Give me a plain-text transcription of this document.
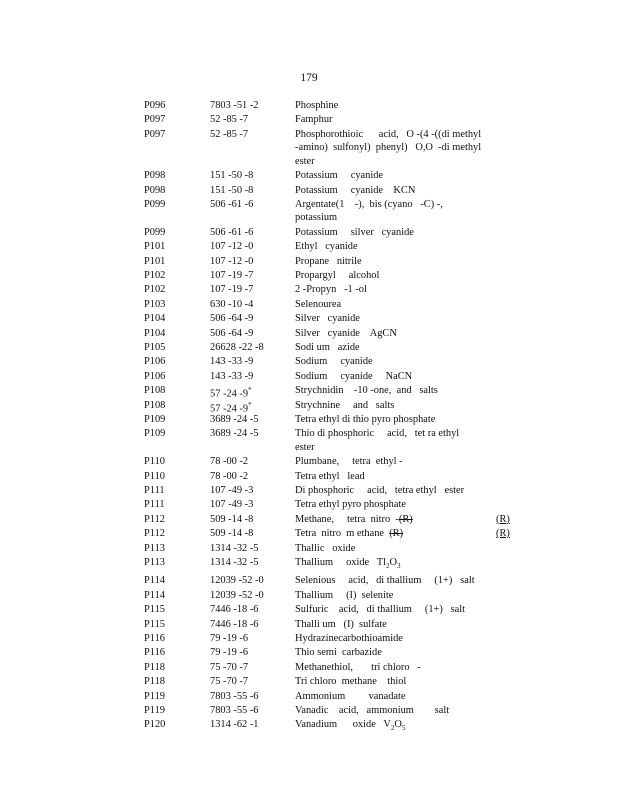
179
P096	7803 -51 -2	Phosphine
P097	52 -85 -7	Famphur
P097	52 -85 -7	Phosphorothioic      acid,   O -(4 -((di methyl   -amino)  sulfonyl)  phenyl)   O,O  -di methyl ester
P098	151 -50 -8	Potassium     cyanide
P098	151 -50 -8	Potassium     cyanide    KCN
P099	506 -61 -6	Argentate(1    -),  bis (cyano   -C) -, potassium
P099	506 -61 -6	Potassium     silver   cyanide
P101	107 -12 -0	Ethyl   cyanide
P101	107 -12 -0	Propane   nitrile
P102	107 -19 -7	Propargyl     alcohol
P102	107 -19 -7	2 -Propyn   -1 -ol
P103	630 -10 -4	Selenourea
P104	506 -64 -9	Silver   cyanide
P104	506 -64 -9	Silver   cyanide    AgCN
P105	26628 -22 -8	Sodi um   azide
P106	143 -33 -9	Sodium     cyanide
P106	143 -33 -9	Sodium     cyanide     NaCN
P108	57 -24 -9*	Strychnidin    -10 -one,  and   salts
P108	57 -24 -9*	Strychnine     and   salts
P109	3689 -24 -5	Tetra ethyl di thio pyro phosphate
P109	3689 -24 -5	Thio di phosphoric     acid,   tet ra ethyl   ester
P110	78 -00 -2	Plumbane,     tetra  ethyl -
P110	78 -00 -2	Tetra ethyl   lead
P111	107 -49 -3	Di phosphoric     acid,   tetra ethyl   ester
P111	107 -49 -3	Tetra ethyl pyro phosphate
P112	509 -14 -8	Methane,     tetra  nitro  -(R)	(R)
P112	509 -14 -8	Tetra  nitro  m ethane  (R)	(R)
P113	1314 -32 -5	Thallic   oxide
P113	1314 -32 -5	Thallium     oxide   $Tl_2O_3$
P114	12039 -52 -0	Selenious     acid,   di thallium     (1+)   salt
P114	12039 -52 -0	Thallium     (I)  selenite
P115	7446 -18 -6	Sulfuric    acid,   di thallium     (1+)   salt
P115	7446 -18 -6	Thalli um   (I)  sulfate
P116	79 -19 -6	Hydrazinecarbothioamide
P116	79 -19 -6	Thio semi  carbazide
P118	75 -70 -7	Methanethiol,       tri chloro   -
P118	75 -70 -7	Tri chloro  methane    thiol
P119	7803 -55 -6	Ammonium         vanadate
P119	7803 -55 -6	Vanadic    acid,   ammonium        salt
P120	1314 -62 -1	Vanadium      oxide   $V_2O_5$
